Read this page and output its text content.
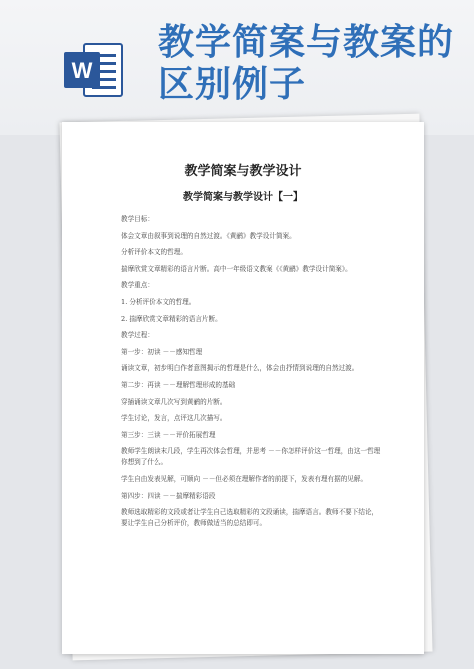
W
教学简案与教案的
区别例子
教学简案与教学设计
教学简案与教学设计【一】

教学目标：

体会文章由叙事到说理的自然过渡。《黄鹂》教学设计简案。

分析评价本文的哲理。

揣摩欣赏文章精彩的语言片断。高中一年级语文教案《《黄鹂》教学设计简案》。

教学重点：

1. 分析评价本文的哲理。

2. 揣摩欣赏文章精彩的语言片断。

教学过程：

第一步：初读 －－感知哲理

诵读文章，初步明白作者意图揭示的哲理是什么，体会由抒情到说理的自然过渡。

第二步：再读 －－理解哲理形成的基础

穿插诵读文章几次写到黄鹂的片断。

学生讨论，发言，点评这几次描写。

第三步：三读 －－评价拓展哲理

教师学生朗读末几段，学生再次体会哲理，并思考 －－你怎样评价这一哲理，由这一哲理你想到了什么。

学生自由发表见解，可顺向 －－但必须在理解作者的前提下，发表有理有据的见解。

第四步：四读 －－揣摩精彩语段

教师选取精彩的文段或者让学生自己选取精彩的文段诵读，揣摩语言。教师不要下结论，要让学生自己分析评价，教师做适当的总结即可。
